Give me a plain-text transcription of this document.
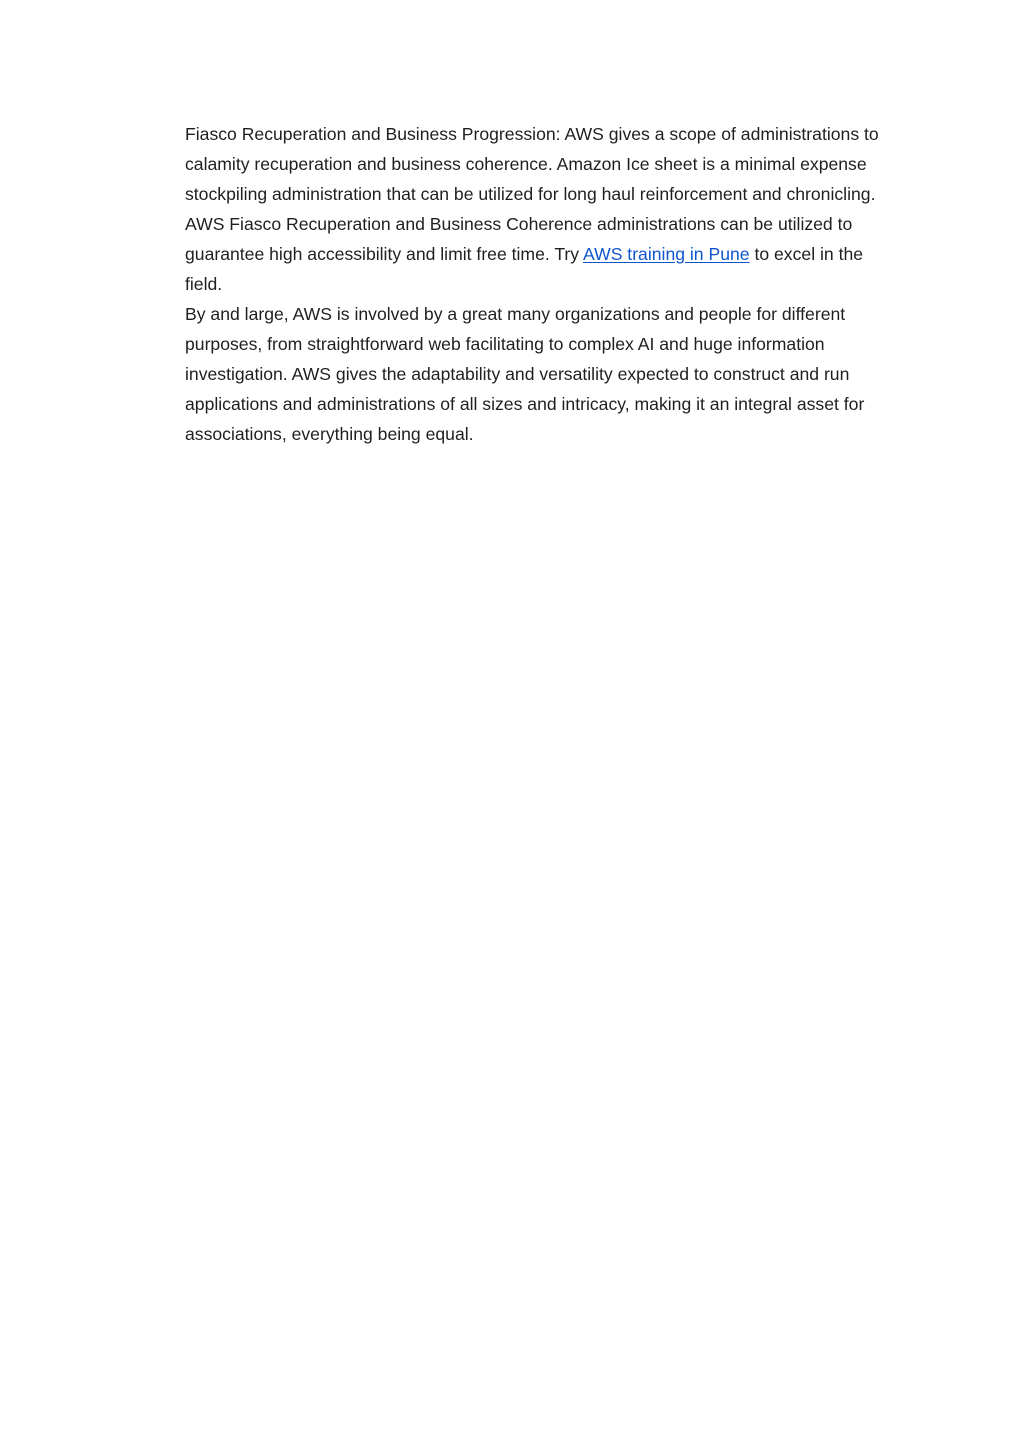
Fiasco Recuperation and Business Progression: AWS gives a scope of administrations to calamity recuperation and business coherence. Amazon Ice sheet is a minimal expense stockpiling administration that can be utilized for long haul reinforcement and chronicling. AWS Fiasco Recuperation and Business Coherence administrations can be utilized to guarantee high accessibility and limit free time. Try AWS training in Pune to excel in the field.

By and large, AWS is involved by a great many organizations and people for different purposes, from straightforward web facilitating to complex AI and huge information investigation. AWS gives the adaptability and versatility expected to construct and run applications and administrations of all sizes and intricacy, making it an integral asset for associations, everything being equal.
